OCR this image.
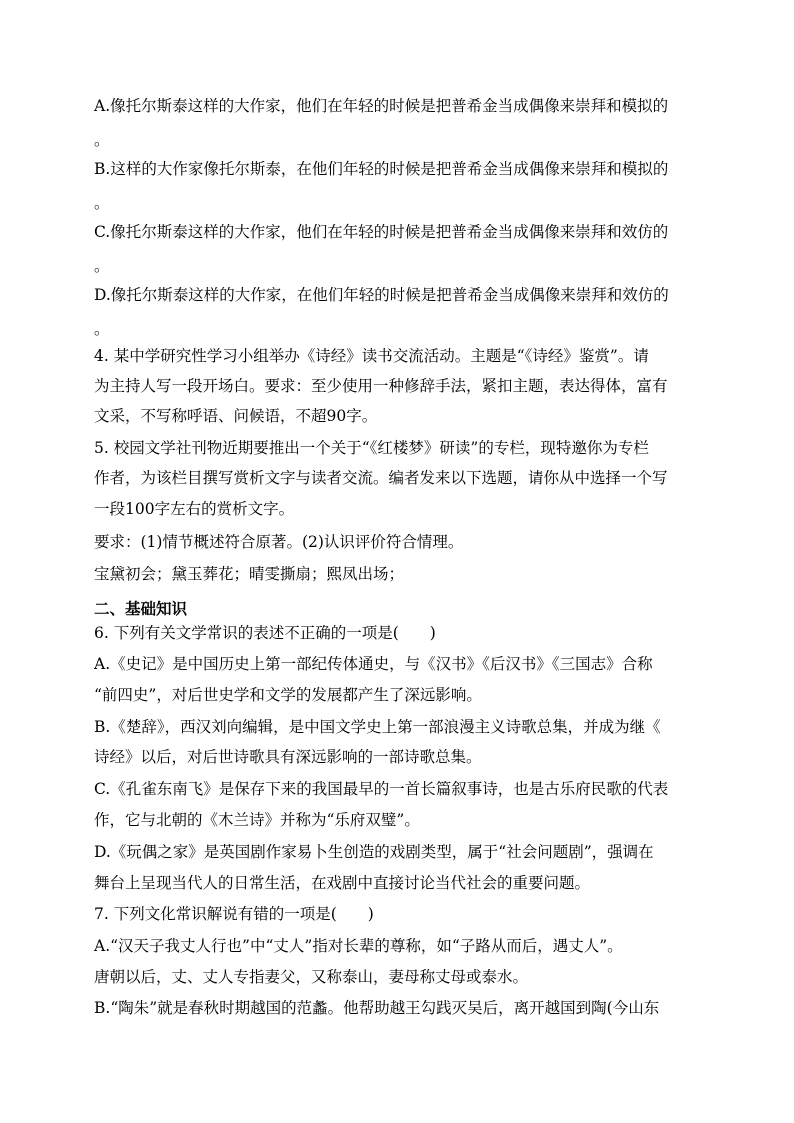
A.像托尔斯泰这样的大作家，他们在年轻的时候是把普希金当成偶像来崇拜和模拟的
。
B.这样的大作家像托尔斯泰，在他们年轻的时候是把普希金当成偶像来崇拜和模拟的
。
C.像托尔斯泰这样的大作家，他们在年轻的时候是把普希金当成偶像来崇拜和效仿的
。
D.像托尔斯泰这样的大作家，在他们年轻的时候是把普希金当成偶像来崇拜和效仿的
。
4. 某中学研究性学习小组举办《诗经》读书交流活动。主题是“《诗经》鉴赏”。请
为主持人写一段开场白。要求：至少使用一种修辞手法，紧扣主题，表达得体，富有
文采，不写称呼语、问候语，不超90字。
5. 校园文学社刊物近期要推出一个关于“《红楼梦》研读”的专栏，现特邀你为专栏
作者，为该栏目撰写赏析文字与读者交流。编者发来以下选题，请你从中选择一个写
一段100字左右的赏析文字。
要求：(1)情节概述符合原著。(2)认识评价符合情理。
宝黛初会；黛玉葬花；晴雯撕扇；熙凤出场；
二、基础知识
6. 下列有关文学常识的表述不正确的一项是(　　)
A.《史记》是中国历史上第一部纪传体通史，与《汉书》《后汉书》《三国志》合称
“前四史”，对后世史学和文学的发展都产生了深远影响。
B.《楚辞》，西汉刘向编辑，是中国文学史上第一部浪漫主义诗歌总集，并成为继《
诗经》以后，对后世诗歌具有深远影响的一部诗歌总集。
C.《孔雀东南飞》是保存下来的我国最早的一首长篇叙事诗，也是古乐府民歌的代表
作，它与北朝的《木兰诗》并称为“乐府双璧”。
D.《玩偶之家》是英国剧作家易卜生创造的戏剧类型，属于“社会问题剧”，强调在
舞台上呈现当代人的日常生活，在戏剧中直接讨论当代社会的重要问题。
7. 下列文化常识解说有错的一项是(　　)
A.“汉天子我丈人行也”中“丈人”指对长辈的尊称，如“子路从而后，遇丈人”。
唐朝以后，丈、丈人专指妻父，又称泰山，妻母称丈母或泰水。
B.“陶朱”就是春秋时期越国的范蠡。他帮助越王勾践灭吴后，离开越国到陶(今山东
